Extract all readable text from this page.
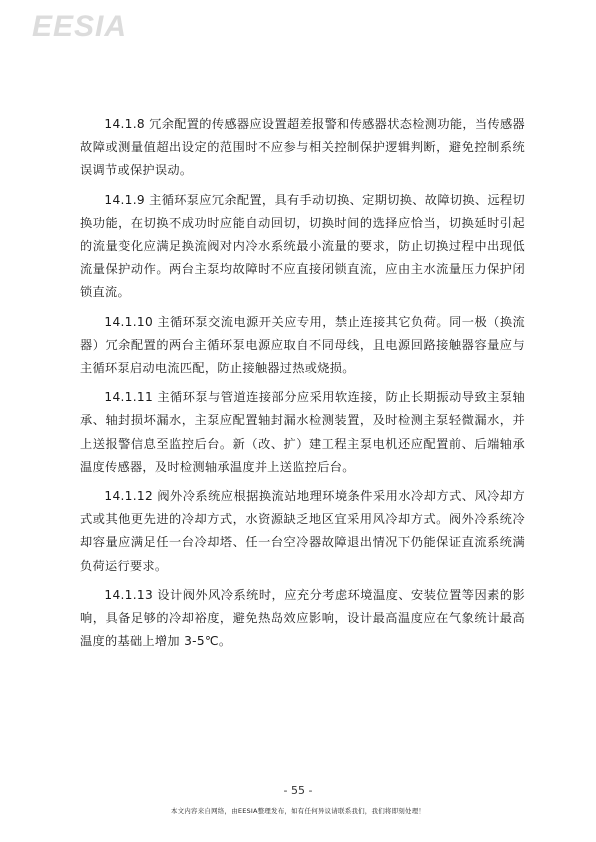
EESIA

14.1.8 冗余配置的传感器应设置超差报警和传感器状态检测功能，当传感器故障或测量值超出设定的范围时不应参与相关控制保护逻辑判断，避免控制系统误调节或保护误动。

14.1.9 主循环泵应冗余配置，具有手动切换、定期切换、故障切换、远程切换功能，在切换不成功时应能自动回切，切换时间的选择应恰当，切换延时引起的流量变化应满足换流阀对内冷水系统最小流量的要求，防止切换过程中出现低流量保护动作。两台主泵均故障时不应直接闭锁直流，应由主水流量压力保护闭锁直流。

14.1.10 主循环泵交流电源开关应专用，禁止连接其它负荷。同一极（换流器）冗余配置的两台主循环泵电源应取自不同母线，且电源回路接触器容量应与主循环泵启动电流匹配，防止接触器过热或烧损。

14.1.11 主循环泵与管道连接部分应采用软连接，防止长期振动导致主泵轴承、轴封损坏漏水，主泵应配置轴封漏水检测装置，及时检测主泵轻微漏水，并上送报警信息至监控后台。新（改、扩）建工程主泵电机还应配置前、后端轴承温度传感器，及时检测轴承温度并上送监控后台。

14.1.12 阀外冷系统应根据换流站地理环境条件采用水冷却方式、风冷却方式或其他更先进的冷却方式，水资源缺乏地区宜采用风冷却方式。阀外冷系统冷却容量应满足任一台冷却塔、任一台空冷器故障退出情况下仍能保证直流系统满负荷运行要求。

14.1.13 设计阀外风冷系统时，应充分考虑环境温度、安装位置等因素的影响，具备足够的冷却裕度，避免热岛效应影响，设计最高温度应在气象统计最高温度的基础上增加 3-5℃。

- 55 -
本文内容来自网络，由EESIA整理发布，如有任何异议请联系我们，我们将即刻处理！
